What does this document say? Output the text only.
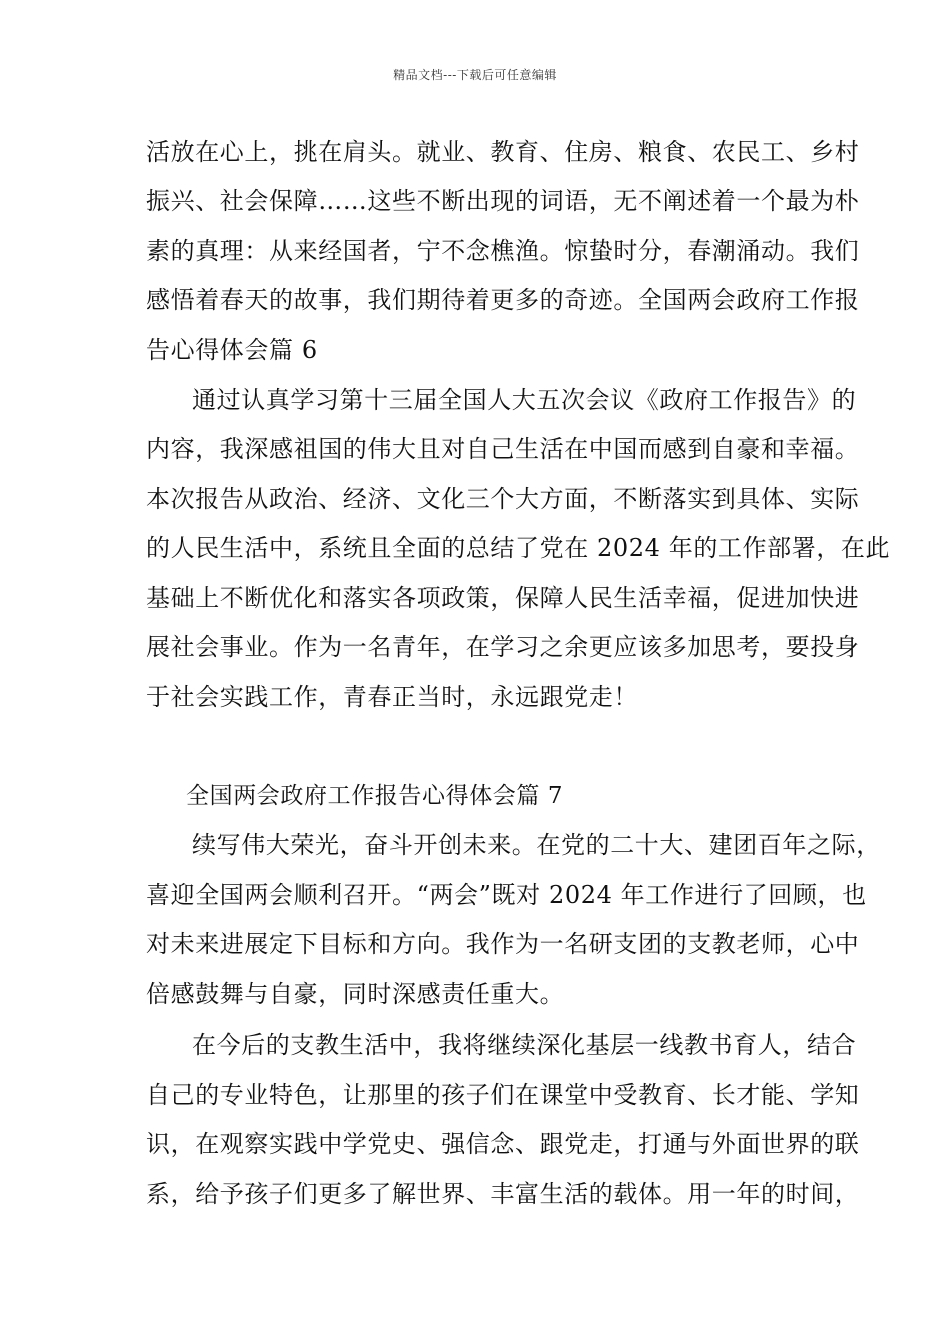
精品文档---下载后可任意编辑
活放在心上，挑在肩头。就业、教育、住房、粮食、农民工、乡村
振兴、社会保障……这些不断出现的词语，无不阐述着一个最为朴
素的真理：从来经国者，宁不念樵渔。惊蛰时分，春潮涌动。我们
感悟着春天的故事，我们期待着更多的奇迹。全国两会政府工作报
告心得体会篇 6
通过认真学习第十三届全国人大五次会议《政府工作报告》的
内容，我深感祖国的伟大且对自己生活在中国而感到自豪和幸福。
本次报告从政治、经济、文化三个大方面，不断落实到具体、实际
的人民生活中，系统且全面的总结了党在 2024 年的工作部署，在此
基础上不断优化和落实各项政策，保障人民生活幸福，促进加快进
展社会事业。作为一名青年，在学习之余更应该多加思考，要投身
于社会实践工作，青春正当时，永远跟党走！
全国两会政府工作报告心得体会篇 7
续写伟大荣光，奋斗开创未来。在党的二十大、建团百年之际，
喜迎全国两会顺利召开。“两会”既对 2024 年工作进行了回顾，也
对未来进展定下目标和方向。我作为一名研支团的支教老师，心中
倍感鼓舞与自豪，同时深感责任重大。
在今后的支教生活中，我将继续深化基层一线教书育人，结合
自己的专业特色，让那里的孩子们在课堂中受教育、长才能、学知
识，在观察实践中学党史、强信念、跟党走，打通与外面世界的联
系，给予孩子们更多了解世界、丰富生活的载体。用一年的时间，
